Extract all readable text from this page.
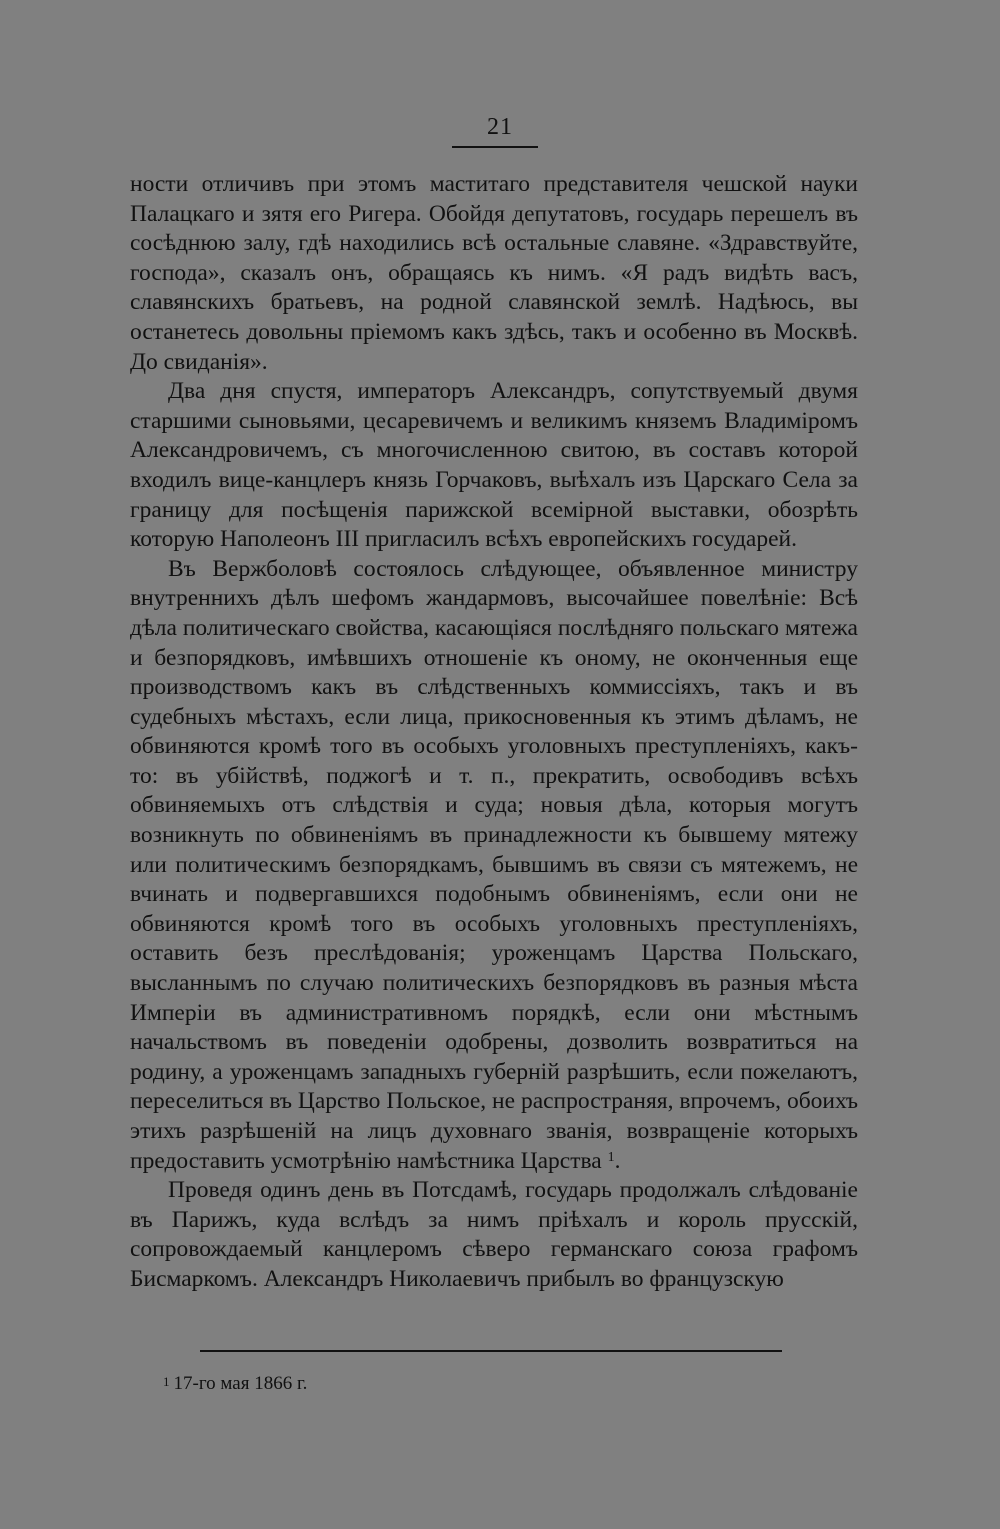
21

ности отличивъ при этомъ маститаго представителя чешской науки Палацкаго и зятя его Ригера. Обойдя депутатовъ, государь перешелъ въ сосѣднюю залу, гдѣ находились всѣ остальные славяне. «Здравствуйте, господа», сказалъ онъ, обращаясь къ нимъ. «Я радъ видѣть васъ, славянскихъ братьевъ, на родной славянской землѣ. Надѣюсь, вы останетесь довольны пріемомъ какъ здѣсь, такъ и особенно въ Москвѣ. До свиданія».

Два дня спустя, императоръ Александръ, сопутствуемый двумя старшими сыновьями, цесаревичемъ и великимъ княземъ Владиміромъ Александровичемъ, съ многочисленною свитою, въ составъ которой входилъ вице-канцлеръ князь Горчаковъ, выѣхалъ изъ Царскаго Села за границу для посѣщенія парижской всемірной выставки, обозрѣть которую Наполеонъ III пригласилъ всѣхъ европейскихъ государей.

Въ Вержболовѣ состоялось слѣдующее, объявленное министру внутреннихъ дѣлъ шефомъ жандармовъ, высочайшее повелѣніе: Всѣ дѣла политическаго свойства, касающіяся послѣдняго польскаго мятежа и безпорядковъ, имѣвшихъ отношеніе къ оному, не оконченныя еще производствомъ какъ въ слѣдственныхъ коммиссіяхъ, такъ и въ судебныхъ мѣстахъ, если лица, прикосновенныя къ этимъ дѣламъ, не обвиняются кромѣ того въ особыхъ уголовныхъ преступленіяхъ, какъ-то: въ убійствѣ, поджогѣ и т. п., прекратить, освободивъ всѣхъ обвиняемыхъ отъ слѣдствія и суда; новыя дѣла, которыя могутъ возникнуть по обвиненіямъ въ принадлежности къ бывшему мятежу или политическимъ безпорядкамъ, бывшимъ въ связи съ мятежемъ, не вчинать и подвергавшихся подобнымъ обвиненіямъ, если они не обвиняются кромѣ того въ особыхъ уголовныхъ преступленіяхъ, оставить безъ преслѣдованія; уроженцамъ Царства Польскаго, высланнымъ по случаю политическихъ безпорядковъ въ разныя мѣста Имперіи въ административномъ порядкѣ, если они мѣстнымъ начальствомъ въ поведеніи одобрены, дозволить возвратиться на родину, а уроженцамъ западныхъ губерній разрѣшить, если пожелаютъ, переселиться въ Царство Польское, не распространяя, впрочемъ, обоихъ этихъ разрѣшеній на лицъ духовнаго званія, возвращеніе которыхъ предоставить усмотрѣнію намѣстника Царства $^1$.

Проведя одинъ день въ Потсдамѣ, государь продолжалъ слѣдованіе въ Парижъ, куда вслѣдъ за нимъ пріѣхалъ и король прусскій, сопровождаемый канцлеромъ сѣверо германскаго союза графомъ Бисмаркомъ. Александръ Николаевичъ прибылъ во французскую

$^1$ 17-го мая 1866 г.
